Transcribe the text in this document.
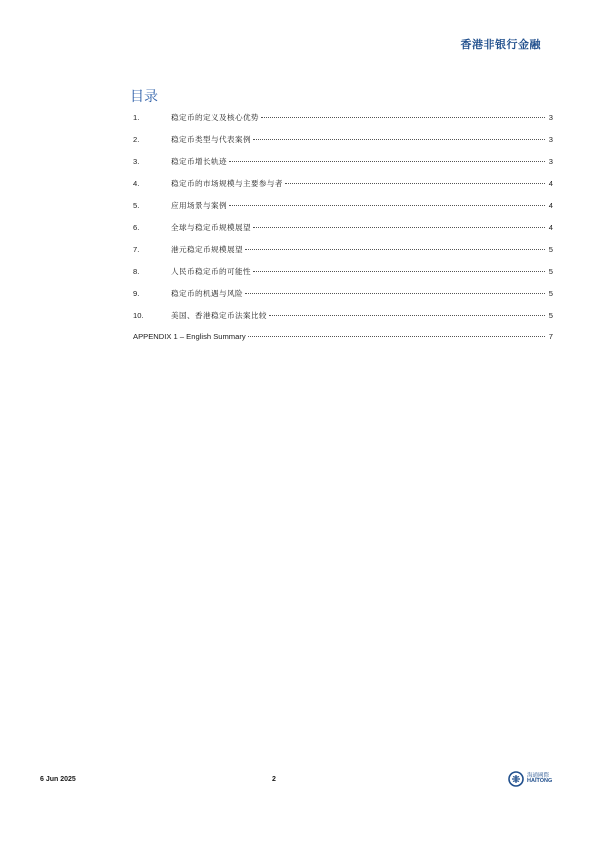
香港非银行金融
目录
1.	稳定币的定义及核心优势	3
2.	稳定币类型与代表案例	3
3.	稳定币增长轨迹	3
4.	稳定币的市场规模与主要参与者	4
5.	应用场景与案例	4
6.	全球与稳定币规模展望	4
7.	港元稳定币规模展望	5
8.	人民币稳定币的可能性	5
9.	稳定币的机遇与风险	5
10.	美国、香港稳定币法案比较	5
APPENDIX 1 – English Summary	7
6 Jun 2025	2
海通國際
HAITONG
